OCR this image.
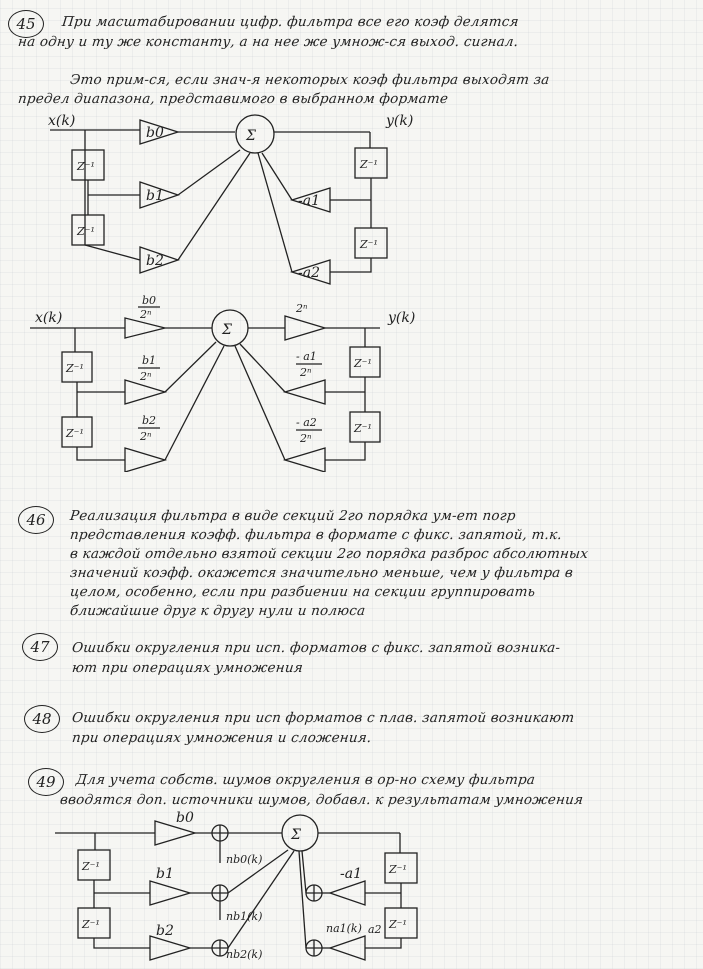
45	При масштабировании цифр. фильтра все его коэф делятся
на одну и ту же константу, а на нее же умнож-ся выход. сигнал.
Это прим-ся, если знач-я некоторых коэф фильтра выходят за
предел диапазона, представимого в выбранном формате
x(k)	y(k)
b0	Σ
Z⁻¹
Z⁻¹
b1
b2
Z⁻¹
Z⁻¹
-a1
-a2
x(k)	y(k)
b0
2ⁿ
Σ
2ⁿ
Z⁻¹
b1
2ⁿ
Z⁻¹
b2
2ⁿ
Z⁻¹
Z⁻¹
- a1
2ⁿ
- a2
2ⁿ
46	Реализация фильтра в виде секций 2го порядка ум-ет погр
представления коэфф. фильтра в формате с фикс. запятой, т.к.
в каждой отдельно взятой секции 2го порядка разброс абсолютных
значений коэфф. окажется значительно меньше, чем у фильтра в
целом, особенно, если при разбиении на секции группировать
ближайшие друг к другу нули и полюса
47	Ошибки округления при исп. форматов с фикс. запятой возника-
ют при операциях умножения
48	Ошибки округления при исп форматов с плав. запятой возникают
при операциях умножения и сложения.
49	Для учета собств. шумов округления в ор-но схему фильтра
вводятся доп. источники шумов, добавл. к результатам умножения
b0
nb0(k)
Σ
Z⁻¹	b1
nb1(k)
Z⁻¹	b2
nb2(k)
Z⁻¹
-a1
Z⁻¹
a2
na1(k)
